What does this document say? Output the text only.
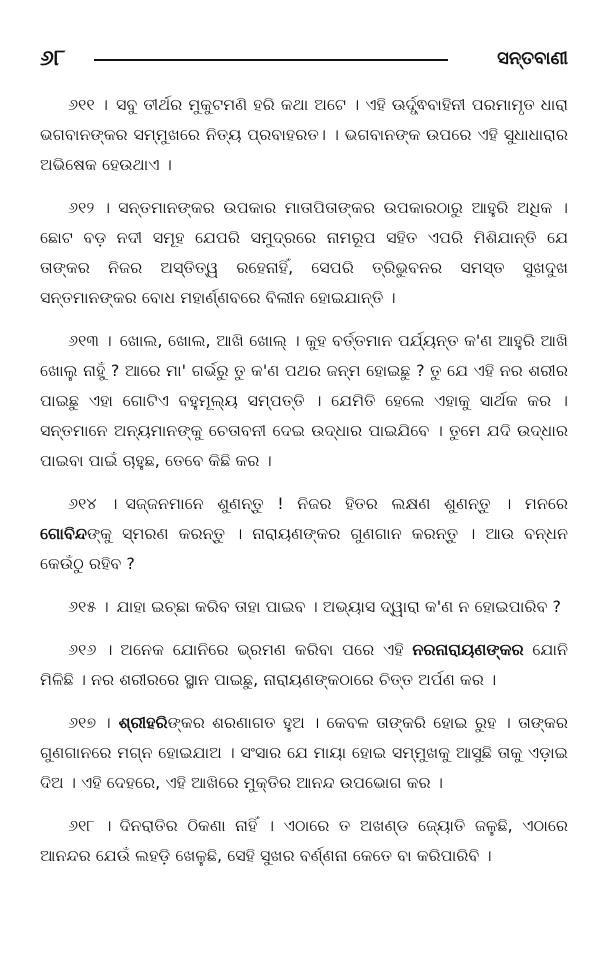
୬୮	ସନ୍ତବାଣୀ

୬୧୧ । ସବୁ ତୀର୍ଥର ମୁକୁଟମଣି ହରି କଥା ଅଟେ । ଏହି ଊର୍ଦ୍ଧ୍ଵବାହିନୀ ପରମାମୃତ ଧାରା ଭଗବାନଙ୍କର ସମ୍ମୁଖରେ ନିତ୍ୟ ପ୍ରବାହରତ। । ଭଗବାନଙ୍କ ଉପରେ ଏହି ସୁଧାଧାରାର ଅଭିଷେକ ହେଉଥାଏ ।

୬୧୨ । ସନ୍ତମାନଙ୍କର ଉପକାର ମାତାପିତାଙ୍କର ଉପକାରଠାରୁ ଆହୁରି ଅଧିକ । ଛୋଟ ବଡ଼ ନଦୀ ସମୂହ ଯେପରି ସମୁଦ୍ରରେ ନାମରୂପ ସହିତ ଏପରି ମିଶିଯାନ୍ତି ଯେ ତାଙ୍କର ନିଜର ଅସ୍ତିତ୍ୱ ରହେନାହିଁ, ସେପରି ତ୍ରିଭୁବନର ସମସ୍ତ ସୁଖଦୁଖ ସନ୍ତମାନଙ୍କର ବୋଧ ମହାର୍ଣ୍ଣବରେ ବିଲୀନ ହୋଇଯାନ୍ତି ।

୬୧୩ । ଖୋଲ, ଖୋଲ, ଆଖି ଖୋଲ୍ । କୁହ ବର୍ତ୍ତମାନ ପର୍ଯ୍ୟନ୍ତ କ'ଣ ଆହୁରି ଆଖି ଖୋଲୁ ନାହୁଁ ? ଆରେ ମା' ଗର୍ଭରୁ ତୁ କ'ଣ ପଥର ଜନ୍ମ ହୋଇଛୁ ? ତୁ ଯେ ଏହି ନର ଶରୀର ପାଇଛୁ ଏହା ଗୋଟିଏ ବହୁମୂଲ୍ୟ ସମ୍ପତ୍ତି । ଯେମିତି ହେଲେ ଏହାକୁ ସାର୍ଥକ କର । ସନ୍ତମାନେ ଅନ୍ୟମାନଙ୍କୁ ଚେତାବନୀ ଦେଇ ଉଦ୍ଧାର ପାଇଯିବେ । ତୁମେ ଯଦି ଉଦ୍ଧାର ପାଇବା ପାଇଁ ଚାହୁଛ, ତେବେ କିଛି କର ।

୬୧୪ । ସଜ୍ଜନମାନେ ଶୁଣନ୍ତୁ ! ନିଜର ହିତର ଲକ୍ଷଣ ଶୁଣନ୍ତୁ । ମନରେ ଗୋବିନ୍ଦଙ୍କୁ ସ୍ମରଣ କରନ୍ତୁ । ନାରାୟଣଙ୍କର ଗୁଣଗାନ କରନ୍ତୁ । ଆଉ ବନ୍ଧନ କେଉଁଠୁ ରହିବ ?

୬୧୫ । ଯାହା ଇଚ୍ଛା କରିବ ତାହା ପାଇବ । ଅଭ୍ୟାସ ଦ୍ୱାରା କ'ଣ ନ ହୋଇପାରିବ ?

୬୧୬ । ଅନେକ ଯୋନିରେ ଭ୍ରମଣ କରିବା ପରେ ଏହି ନରନାରାୟଣଙ୍କର ଯୋନି ମିଳିଛି । ନର ଶରୀରରେ ସ୍ଥାନ ପାଇଛୁ, ନାରାୟଣଙ୍କଠାରେ ଚିତ୍ତ ଅର୍ପଣ କର ।

୬୧୭ । ଶ୍ରୀହରିଙ୍କର ଶରଣାଗତ ହୁଅ । କେବଳ ତାଙ୍କରି ହୋଇ ରୁହ । ତାଙ୍କର ଗୁଣଗାନରେ ମଗ୍ନ ହୋଇଯାଅ । ସଂସାର ଯେ ମାୟା ହୋଇ ସମ୍ମୁଖକୁ ଆସୁଛି ତାକୁ ଏଡ଼ାଇ ଦିଅ । ଏହି ଦେହରେ, ଏହି ଆଖିରେ ମୁକ୍ତିର ଆନନ୍ଦ ଉପଭୋଗ କର ।

୬୧୮ । ଦିନରାତିର ଠିକଣା ନାହିଁ । ଏଠାରେ ତ ଅଖଣ୍ଡ ଜ୍ୟୋତି ଜଳୁଛି, ଏଠାରେ ଆନନ୍ଦର ଯେଉଁ ଲହଡ଼ି ଖେଳୁଛି, ସେହି ସୁଖର ବର୍ଣ୍ଣନା କେତେ ବା କରିପାରିବି ।
